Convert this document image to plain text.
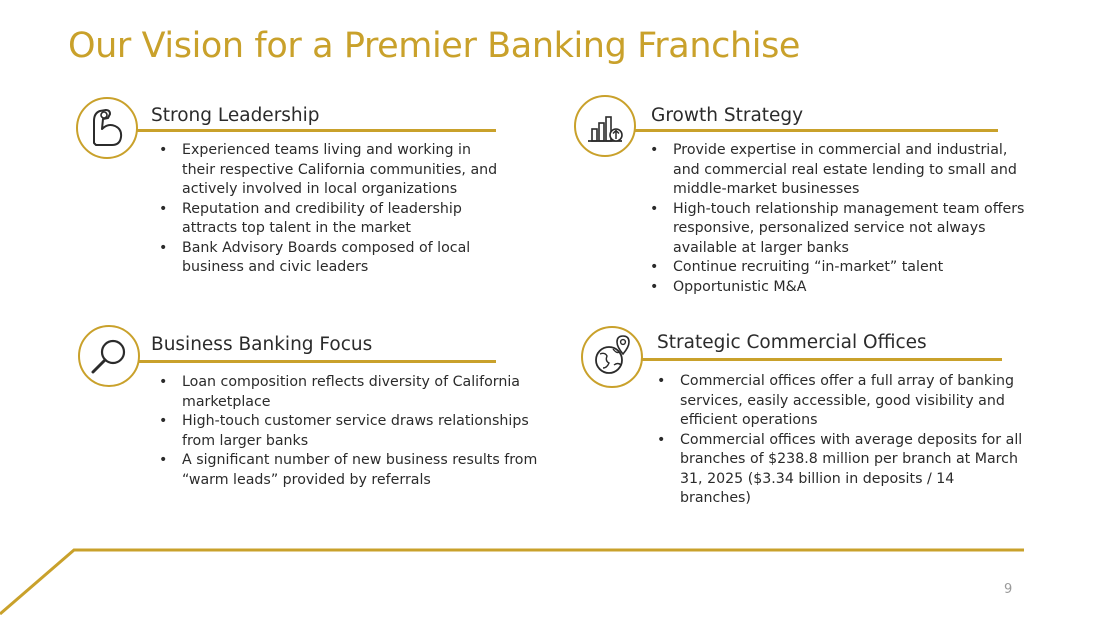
Our Vision for a Premier Banking Franchise
Strong Leadership
• Experienced teams living and working in their respective California communities, and actively involved in local organizations
• Reputation and credibility of leadership attracts top talent in the market
• Bank Advisory Boards composed of local business and civic leaders
Growth Strategy
• Provide expertise in commercial and industrial, and commercial real estate lending to small and middle-market businesses
• High-touch relationship management team offers responsive, personalized service not always available at larger banks
• Continue recruiting “in-market” talent
• Opportunistic M&A
Business Banking Focus
• Loan composition reflects diversity of California marketplace
• High-touch customer service draws relationships from larger banks
• A significant number of new business results from “warm leads” provided by referrals
Strategic Commercial Offices
• Commercial offices offer a full array of banking services, easily accessible, good visibility and efficient operations
• Commercial offices with average deposits for all branches of $238.8 million per branch at March 31, 2025 ($3.34 billion in deposits / 14 branches)
9
